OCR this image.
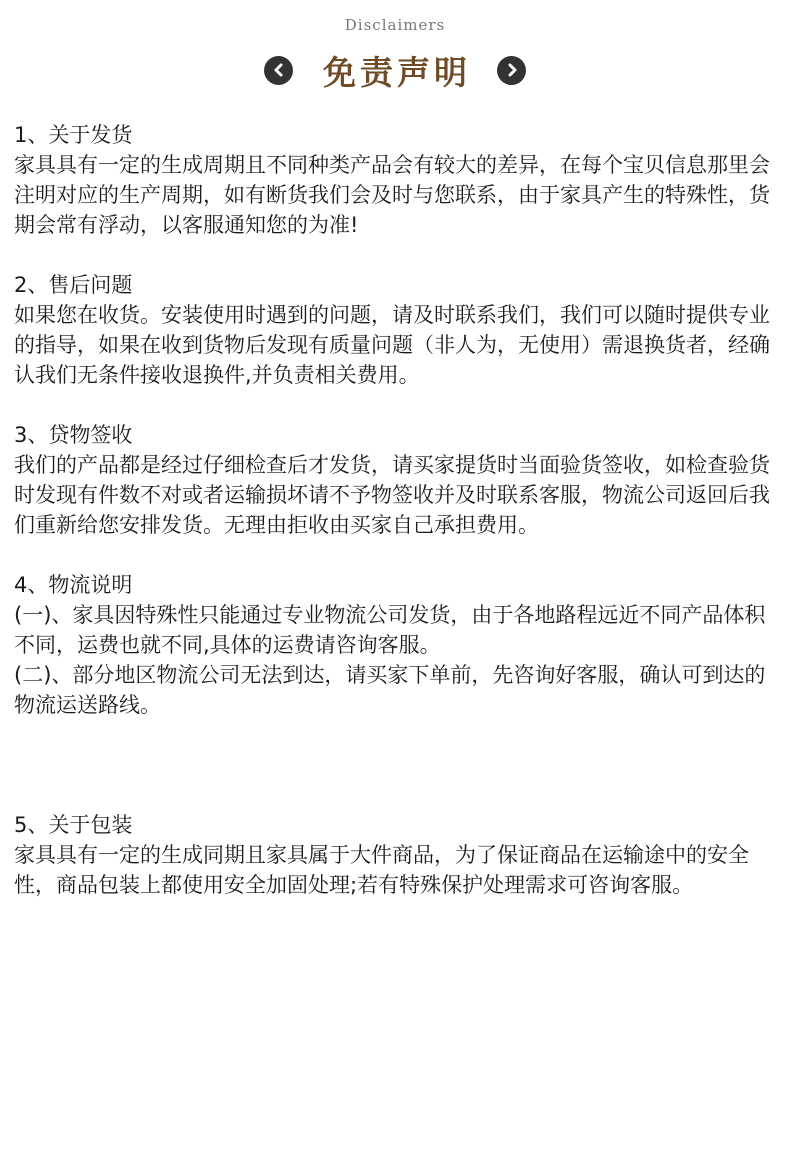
Disclaimers
免责声明

1、关于发货

家具具有一定的生成周期且不同种类产品会有较大的差异，在每个宝贝信息那里会注明对应的生产周期，如有断货我们会及时与您联系，由于家具产生的特殊性，货期会常有浮动，以客服通知您的为准!

2、售后问题

如果您在收货。安装使用时遇到的问题，请及时联系我们，我们可以随时提供专业的指导，如果在收到货物后发现有质量问题（非人为，无使用）需退换货者，经确认我们无条件接收退换件,并负责相关费用。

3、贷物签收

我们的产品都是经过仔细检查后才发货，请买家提货时当面验货签收，如检查验货时发现有件数不对或者运输损坏请不予物签收并及时联系客服，物流公司返回后我们重新给您安排发货。无理由拒收由买家自己承担费用。

4、物流说明

(一)、家具因特殊性只能通过专业物流公司发货，由于各地路程远近不同产品体积不同，运费也就不同,具体的运费请咨询客服。

(二)、部分地区物流公司无法到达，请买家下单前，先咨询好客服，确认可到达的物流运送路线。

5、关于包装

家具具有一定的生成同期且家具属于大件商品，为了保证商品在运输途中的安全性，商品包装上都使用安全加固处理;若有特殊保护处理需求可咨询客服。
